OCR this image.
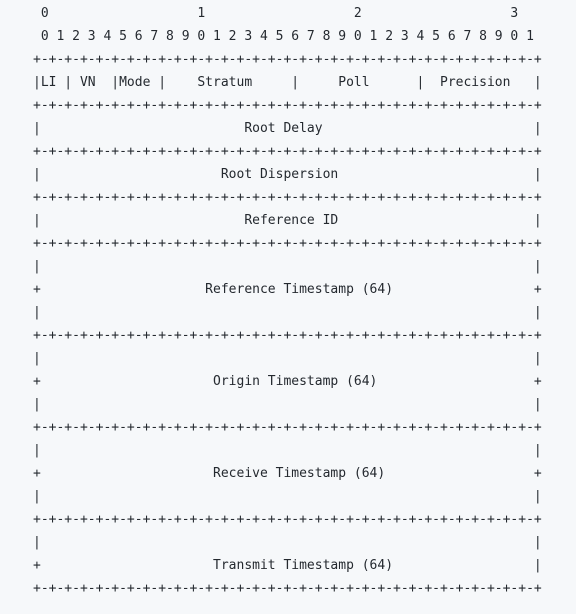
0                   1                   2                   3
0 1 2 3 4 5 6 7 8 9 0 1 2 3 4 5 6 7 8 9 0 1 2 3 4 5 6 7 8 9 0 1
+-+-+-+-+-+-+-+-+-+-+-+-+-+-+-+-+-+-+-+-+-+-+-+-+-+-+-+-+-+-+-+-+
|LI | VN  |Mode |    Stratum     |     Poll      |  Precision   |
+-+-+-+-+-+-+-+-+-+-+-+-+-+-+-+-+-+-+-+-+-+-+-+-+-+-+-+-+-+-+-+-+
|                          Root Delay                           |
+-+-+-+-+-+-+-+-+-+-+-+-+-+-+-+-+-+-+-+-+-+-+-+-+-+-+-+-+-+-+-+-+
|                       Root Dispersion                         |
+-+-+-+-+-+-+-+-+-+-+-+-+-+-+-+-+-+-+-+-+-+-+-+-+-+-+-+-+-+-+-+-+
|                          Reference ID                         |
+-+-+-+-+-+-+-+-+-+-+-+-+-+-+-+-+-+-+-+-+-+-+-+-+-+-+-+-+-+-+-+-+
|                                                               |
+                     Reference Timestamp (64)                  +
|                                                               |
+-+-+-+-+-+-+-+-+-+-+-+-+-+-+-+-+-+-+-+-+-+-+-+-+-+-+-+-+-+-+-+-+
|                                                               |
+                      Origin Timestamp (64)                    +
|                                                               |
+-+-+-+-+-+-+-+-+-+-+-+-+-+-+-+-+-+-+-+-+-+-+-+-+-+-+-+-+-+-+-+-+
|                                                               |
+                      Receive Timestamp (64)                   +
|                                                               |
+-+-+-+-+-+-+-+-+-+-+-+-+-+-+-+-+-+-+-+-+-+-+-+-+-+-+-+-+-+-+-+-+
|                                                               |
+                      Transmit Timestamp (64)                  |
+-+-+-+-+-+-+-+-+-+-+-+-+-+-+-+-+-+-+-+-+-+-+-+-+-+-+-+-+-+-+-+-+
